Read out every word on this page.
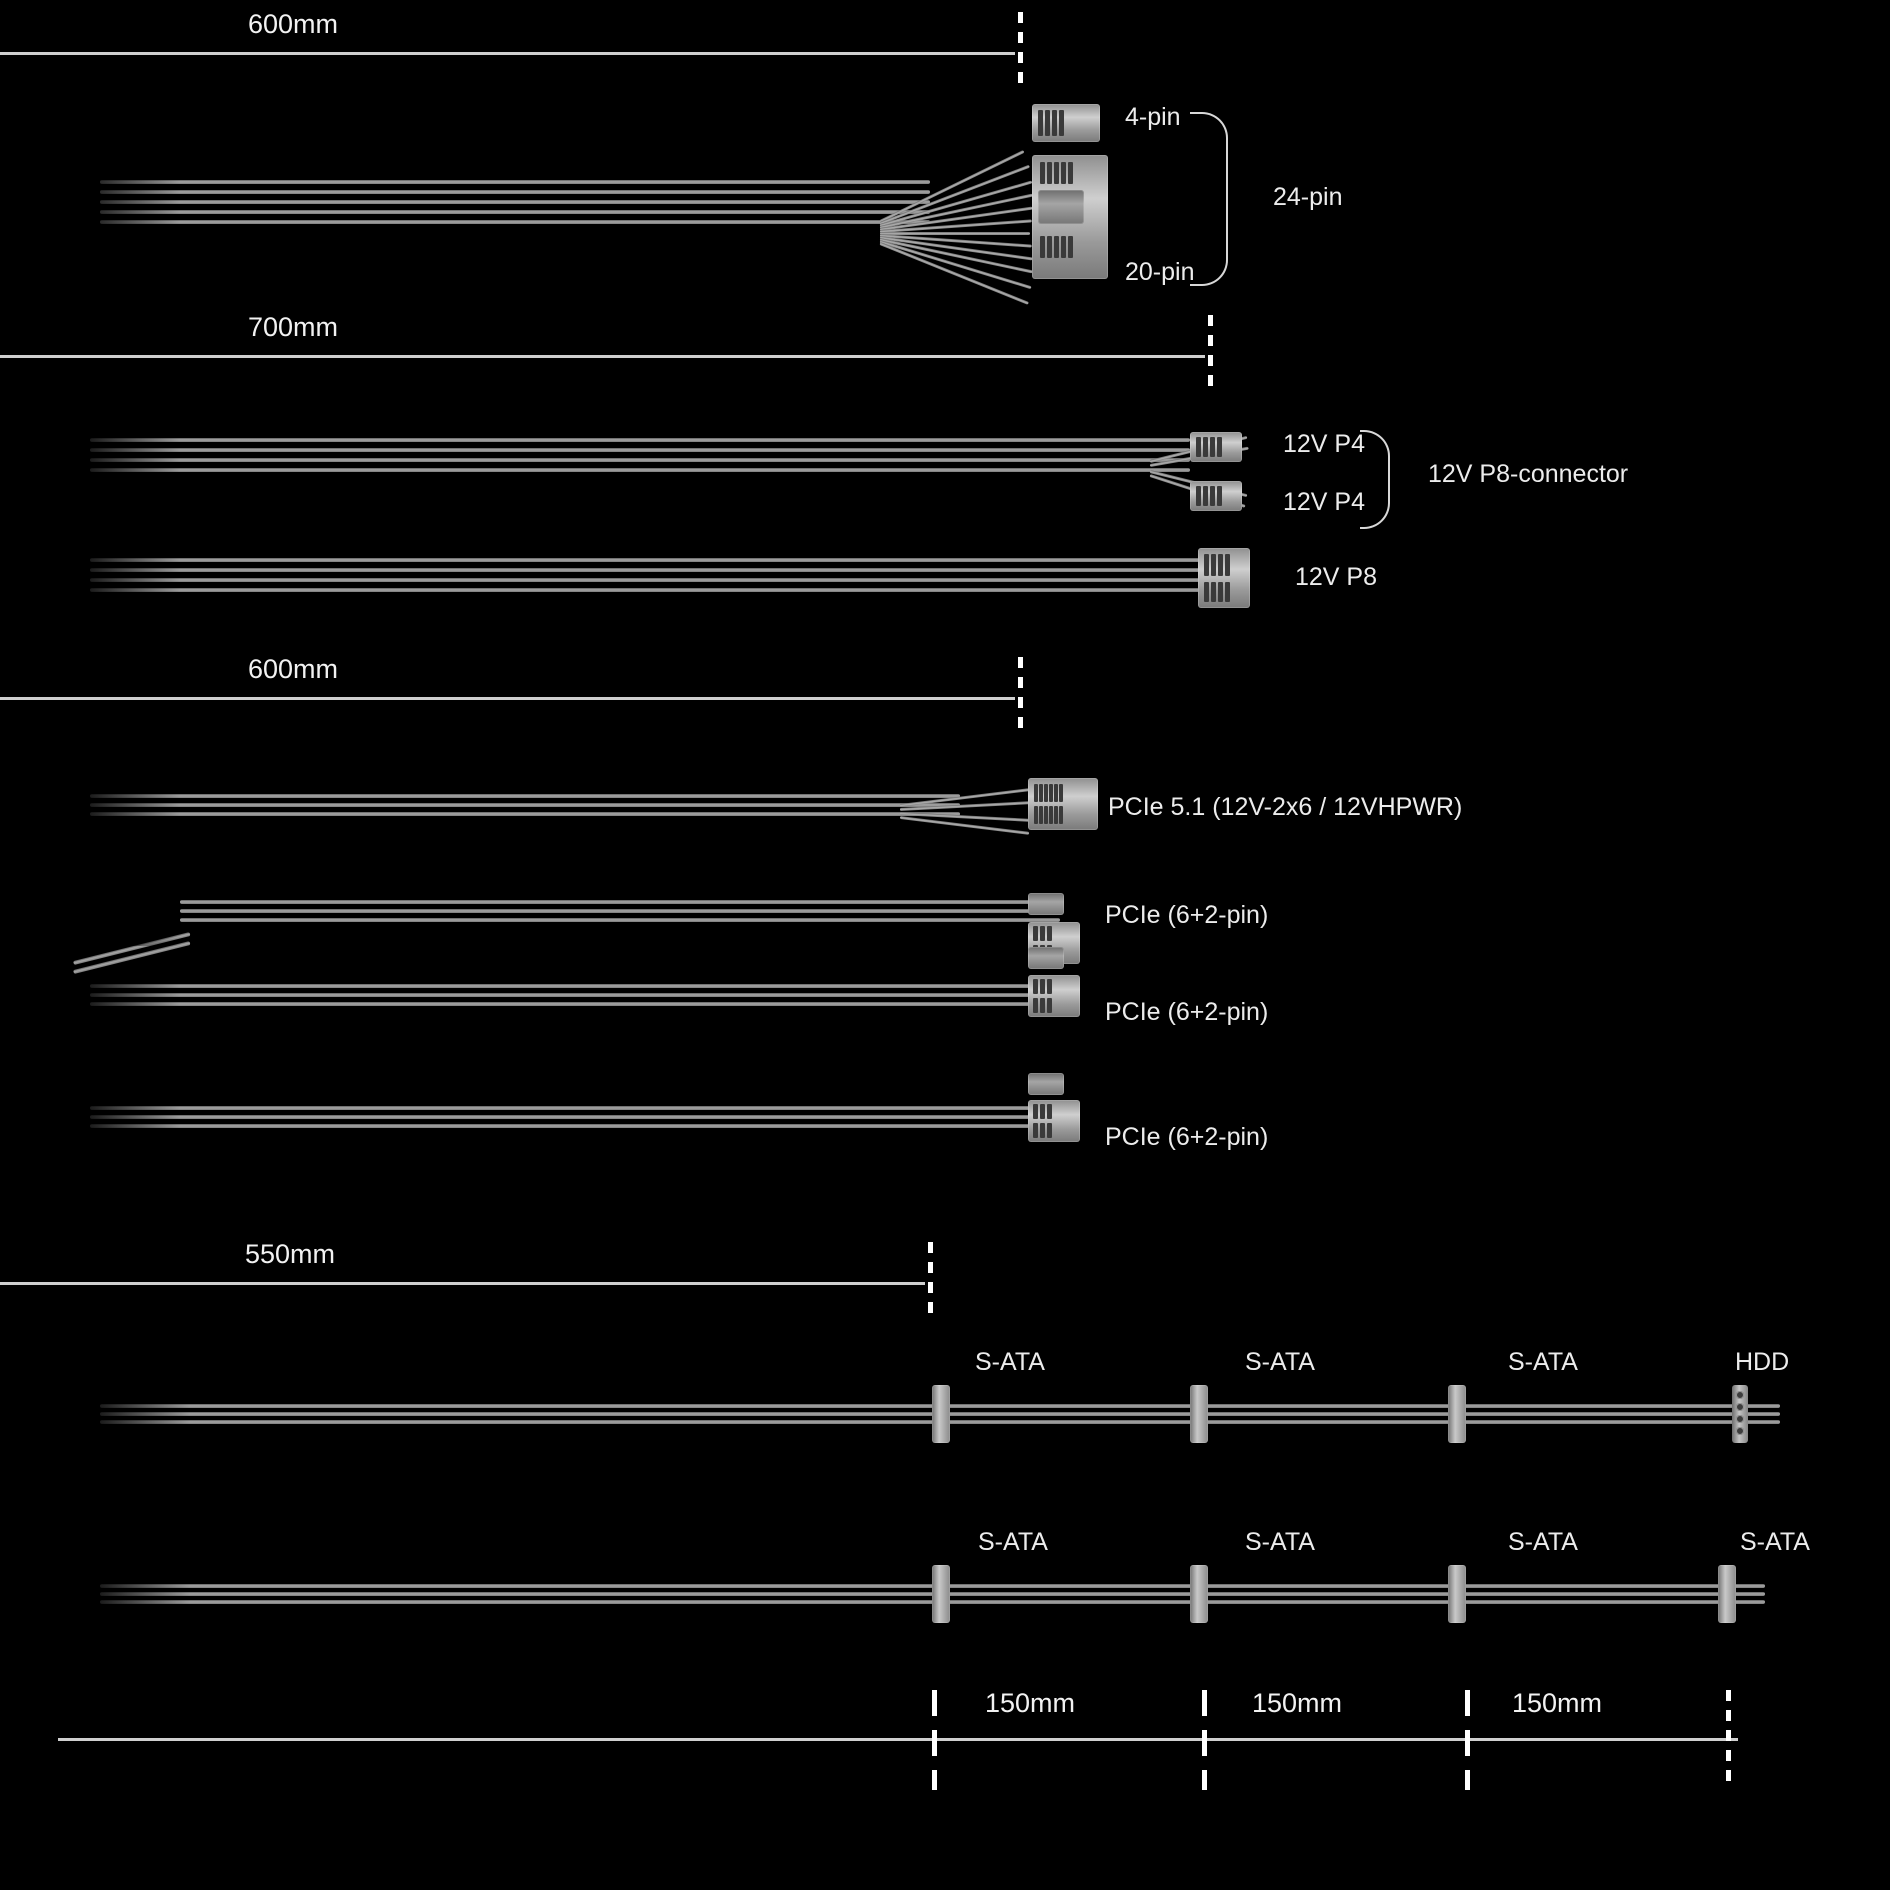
600mm
4-pin
24-pin
20-pin
700mm
12V P4
12V P4
12V P8-connector
12V P8
600mm
PCIe 5.1 (12V-2x6 / 12VHPWR)
PCIe (6+2-pin)
PCIe (6+2-pin)
PCIe (6+2-pin)
550mm
S-ATA	S-ATA	S-ATA	HDD
S-ATA	S-ATA	S-ATA	S-ATA
150mm	150mm	150mm
